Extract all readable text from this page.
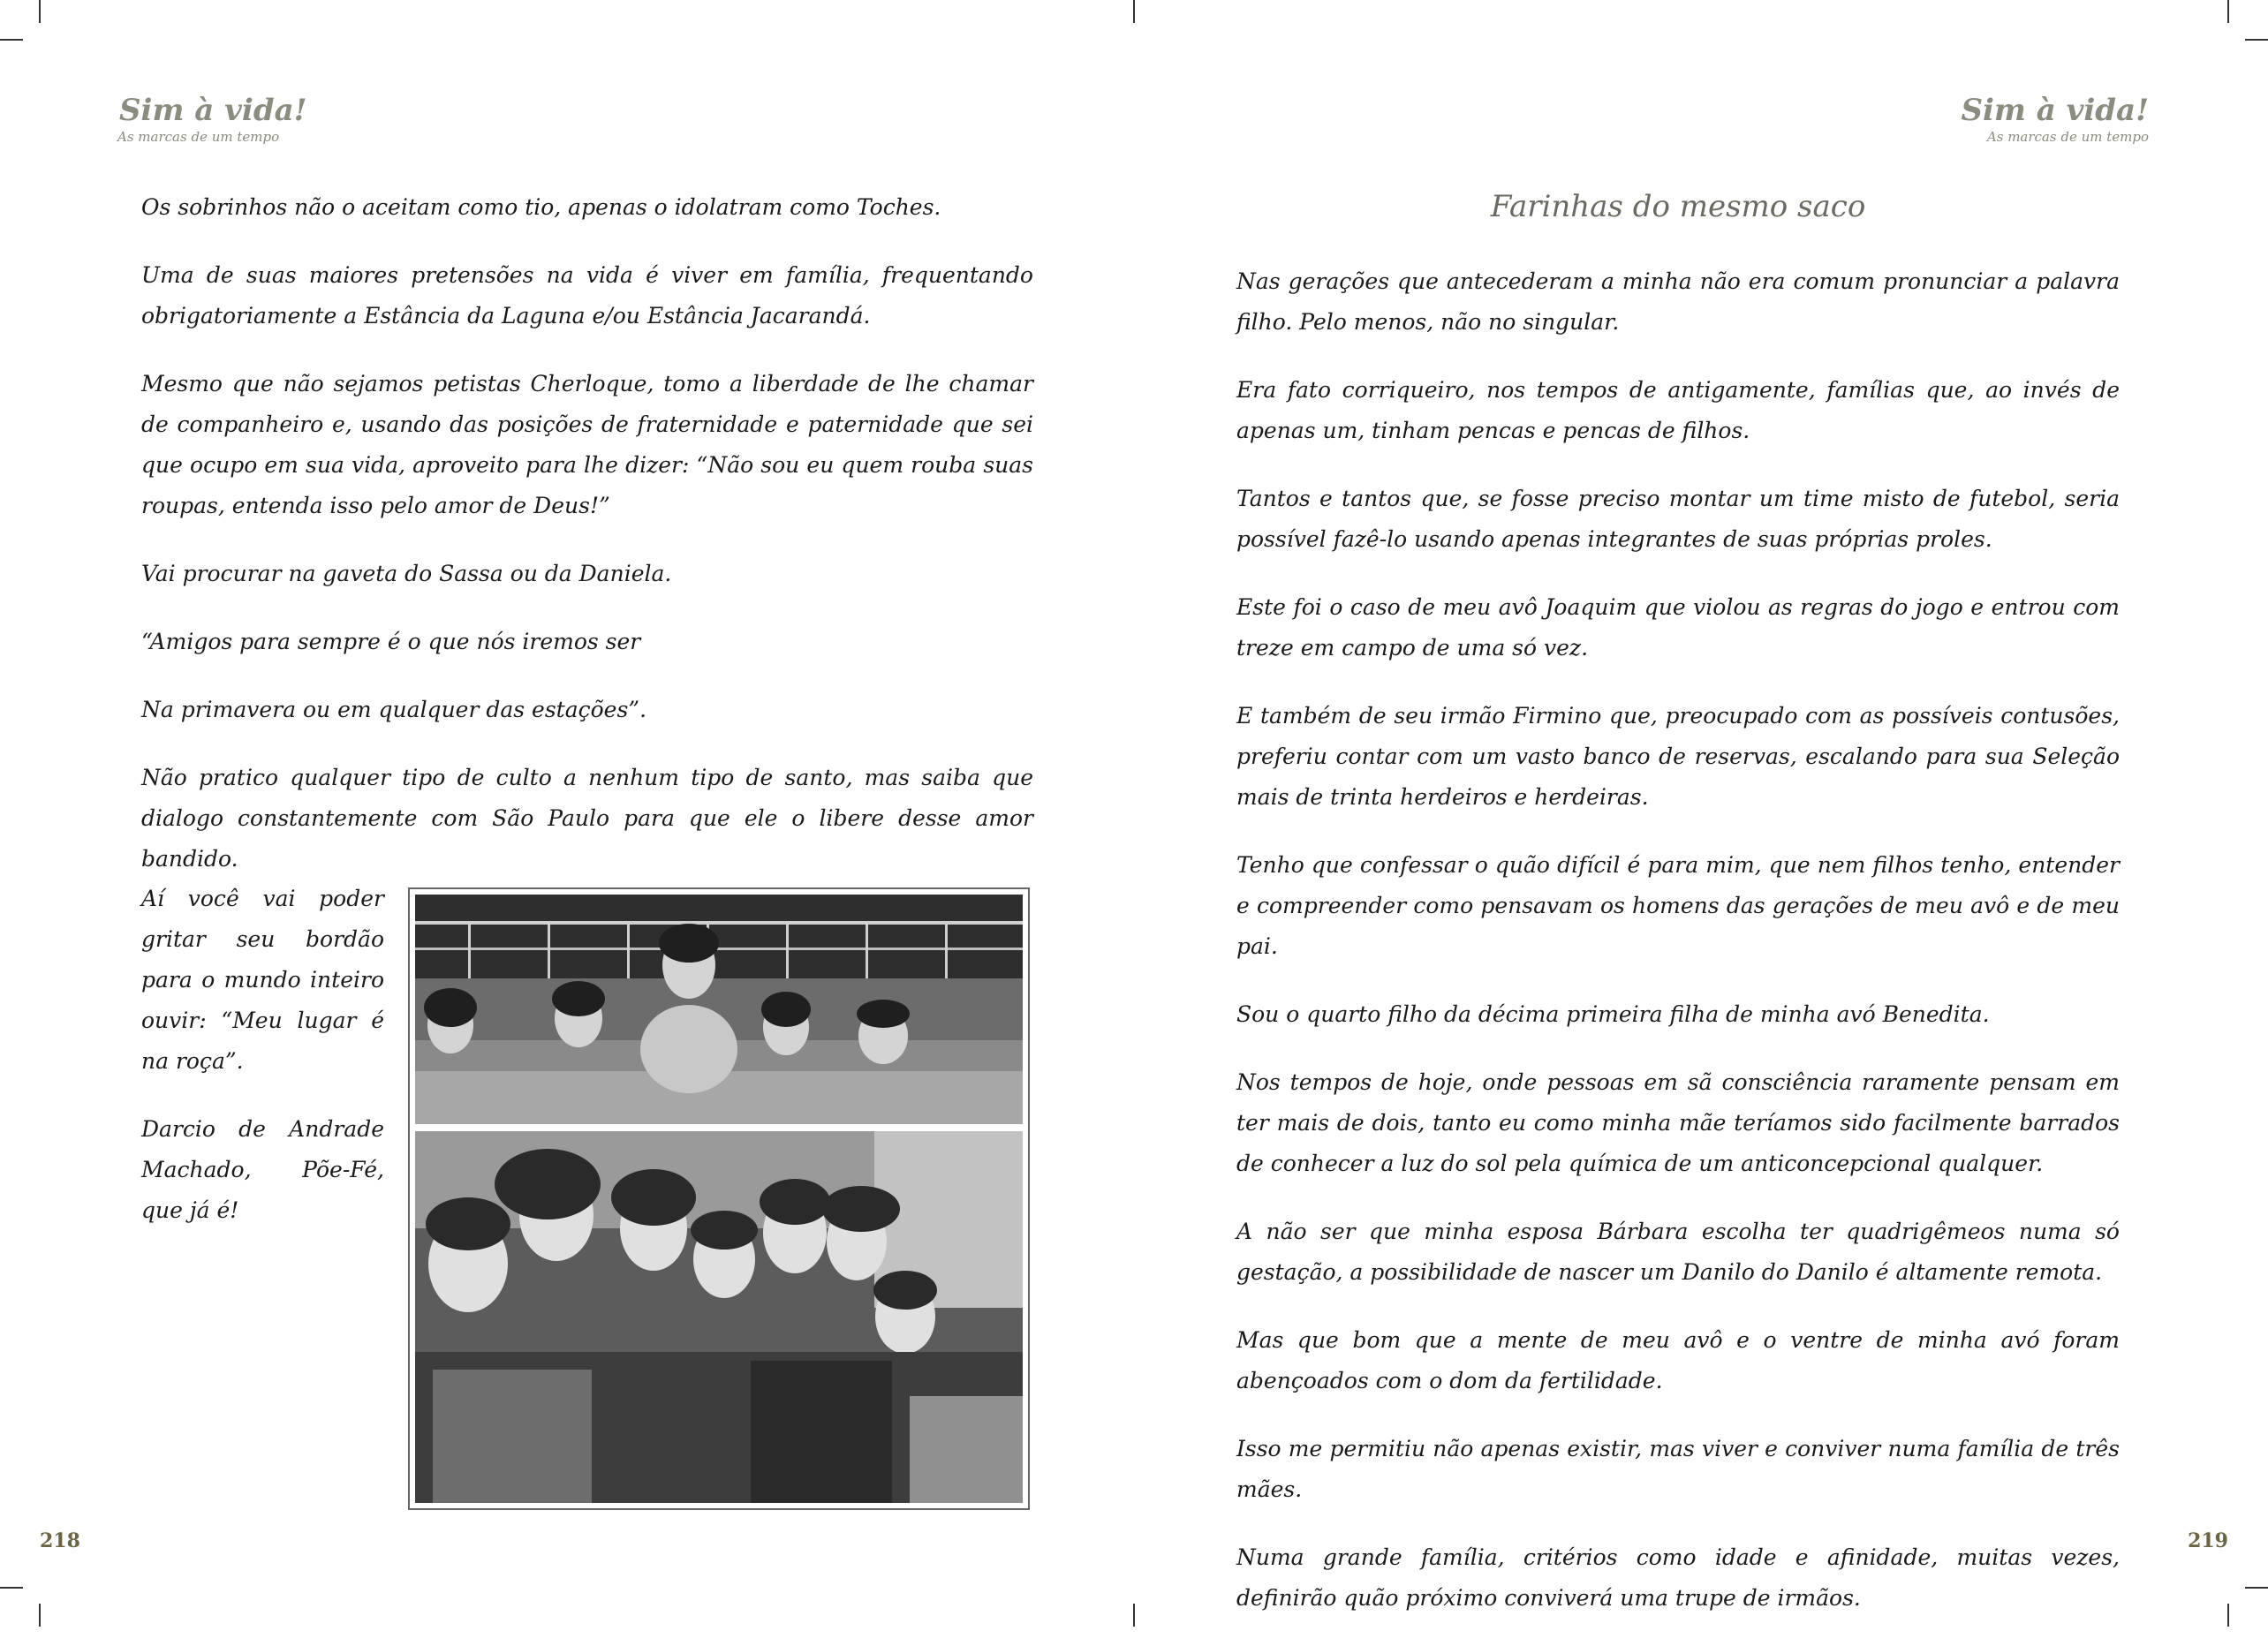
Sim à vida!
As marcas de um tempo

Os sobrinhos não o aceitam como tio, apenas o idolatram como Toches.

Uma de suas maiores pretensões na vida é viver em família, frequentando obrigatoriamente a Estância da Laguna e/ou Estância Jacarandá.

Mesmo que não sejamos petistas Cherloque, tomo a liberdade de lhe chamar de companheiro e, usando das posições de fraternidade e paternidade que sei que ocupo em sua vida, aproveito para lhe dizer: “Não sou eu quem rouba suas roupas, entenda isso pelo amor de Deus!”

Vai procurar na gaveta do Sassa ou da Daniela.

“Amigos para sempre é o que nós iremos ser

Na primavera ou em qualquer das estações”.

Não pratico qualquer tipo de culto a nenhum tipo de santo, mas saiba que dialogo constantemente com São Paulo para que ele o libere desse amor bandido.

Aí você vai poder gritar seu bordão para o mundo inteiro ouvir: “Meu lugar é na roça”.

Darcio de Andrade Machado, Põe-Fé, que já é!

218
Sim à vida!
As marcas de um tempo
Farinhas do mesmo saco

Nas gerações que antecederam a minha não era comum pronunciar a palavra filho. Pelo menos, não no singular.

Era fato corriqueiro, nos tempos de antigamente, famílias que, ao invés de apenas um, tinham pencas e pencas de filhos.

Tantos e tantos que, se fosse preciso montar um time misto de futebol, seria possível fazê-lo usando apenas integrantes de suas próprias proles.

Este foi o caso de meu avô Joaquim que violou as regras do jogo e entrou com treze em campo de uma só vez.

E também de seu irmão Firmino que, preocupado com as possíveis contusões, preferiu contar com um vasto banco de reservas, escalando para sua Seleção mais de trinta herdeiros e herdeiras.

Tenho que confessar o quão difícil é para mim, que nem filhos tenho, entender e compreender como pensavam os homens das gerações de meu avô e de meu pai.

Sou o quarto filho da décima primeira filha de minha avó Benedita.

Nos tempos de hoje, onde pessoas em sã consciência raramente pensam em ter mais de dois, tanto eu como minha mãe teríamos sido facilmente barrados de conhecer a luz do sol pela química de um anticoncepcional qualquer.

A não ser que minha esposa Bárbara escolha ter quadrigêmeos numa só gestação, a possibilidade de nascer um Danilo do Danilo é altamente remota.

Mas que bom que a mente de meu avô e o ventre de minha avó foram abençoados com o dom da fertilidade.

Isso me permitiu não apenas existir, mas viver e conviver numa família de três mães.

Numa grande família, critérios como idade e afinidade, muitas vezes, definirão quão próximo conviverá uma trupe de irmãos.

219
